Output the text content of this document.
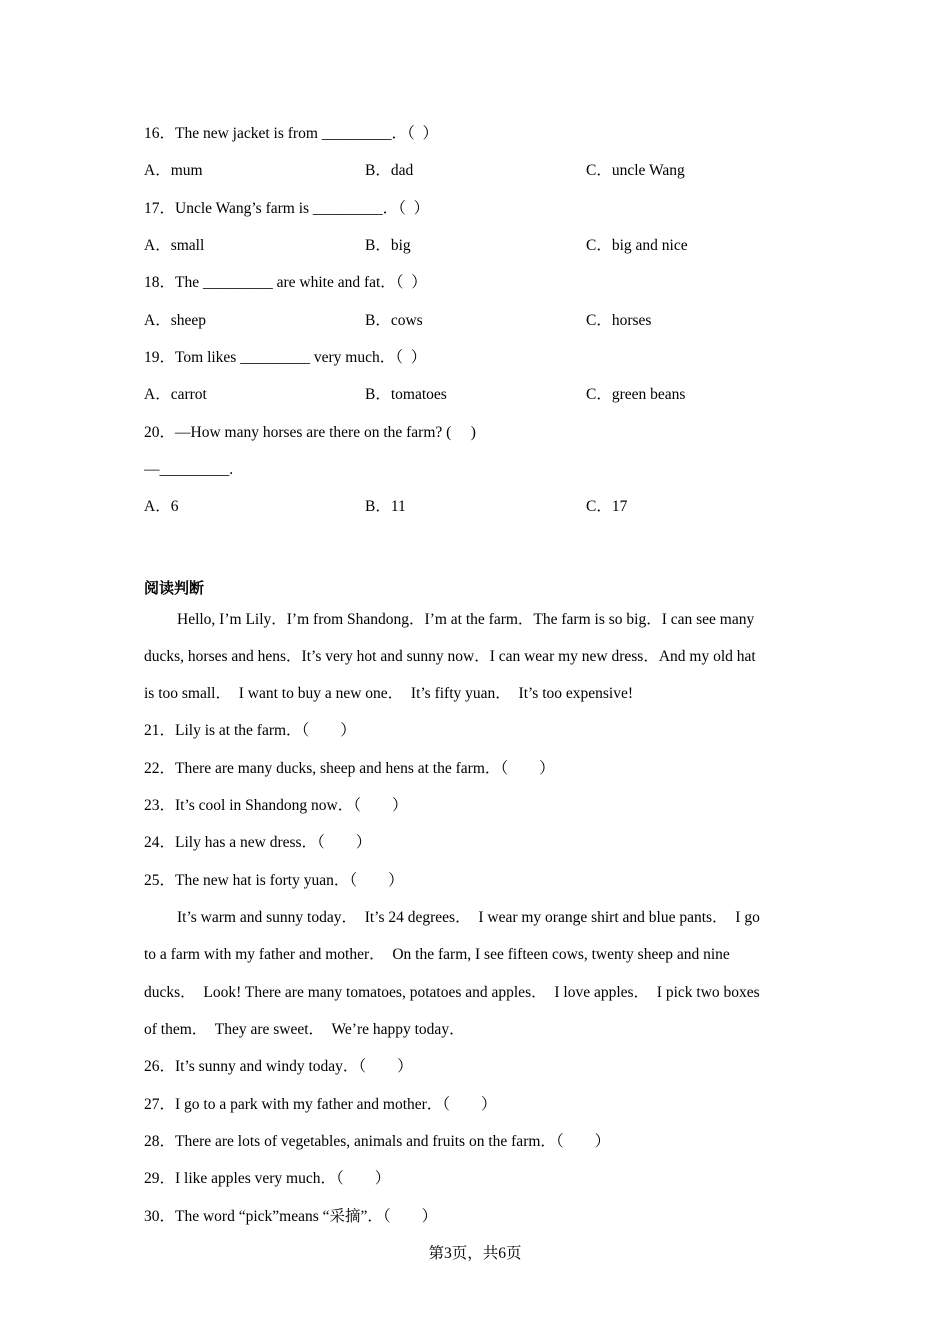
16．The new jacket is from _________．（  ）
A．mum	B．dad	C．uncle Wang
17．Uncle Wang’s farm is _________．（  ）
A．small	B．big	C．big and nice
18．The _________ are white and fat．（  ）
A．sheep	B．cows	C．horses
19．Tom likes _________ very much．（  ）
A．carrot	B．tomatoes	C．green beans
20．—How many horses are there on the farm? (     )
—_________.
A．6	B．11	C．17
阅读判断
Hello, I’m Lily．I’m from Shandong．I’m at the farm．The farm is so big．I can see many
ducks, horses and hens．It’s very hot and sunny now．I can wear my new dress．And my old hat
is too small．  I want to buy a new one．  It’s fifty yuan．  It’s too expensive!
21．Lily is at the farm．（　　）
22．There are many ducks, sheep and hens at the farm．（　　）
23．It’s cool in Shandong now．（　　）
24．Lily has a new dress．（　　）
25．The new hat is forty yuan．（　　）
It’s warm and sunny today．  It’s 24 degrees．  I wear my orange shirt and blue pants．  I go
to a farm with my father and mother．  On the farm, I see fifteen cows, twenty sheep and nine
ducks．  Look! There are many tomatoes, potatoes and apples．  I love apples．  I pick two boxes
of them．  They are sweet．  We’re happy today．
26．It’s sunny and windy today．（　　）
27．I go to a park with my father and mother．（　　）
28．There are lots of vegetables, animals and fruits on the farm．（　　）
29．I like apples very much．（　　）
30．The word “pick”means “采摘”．（　　）
第3页，共6页
